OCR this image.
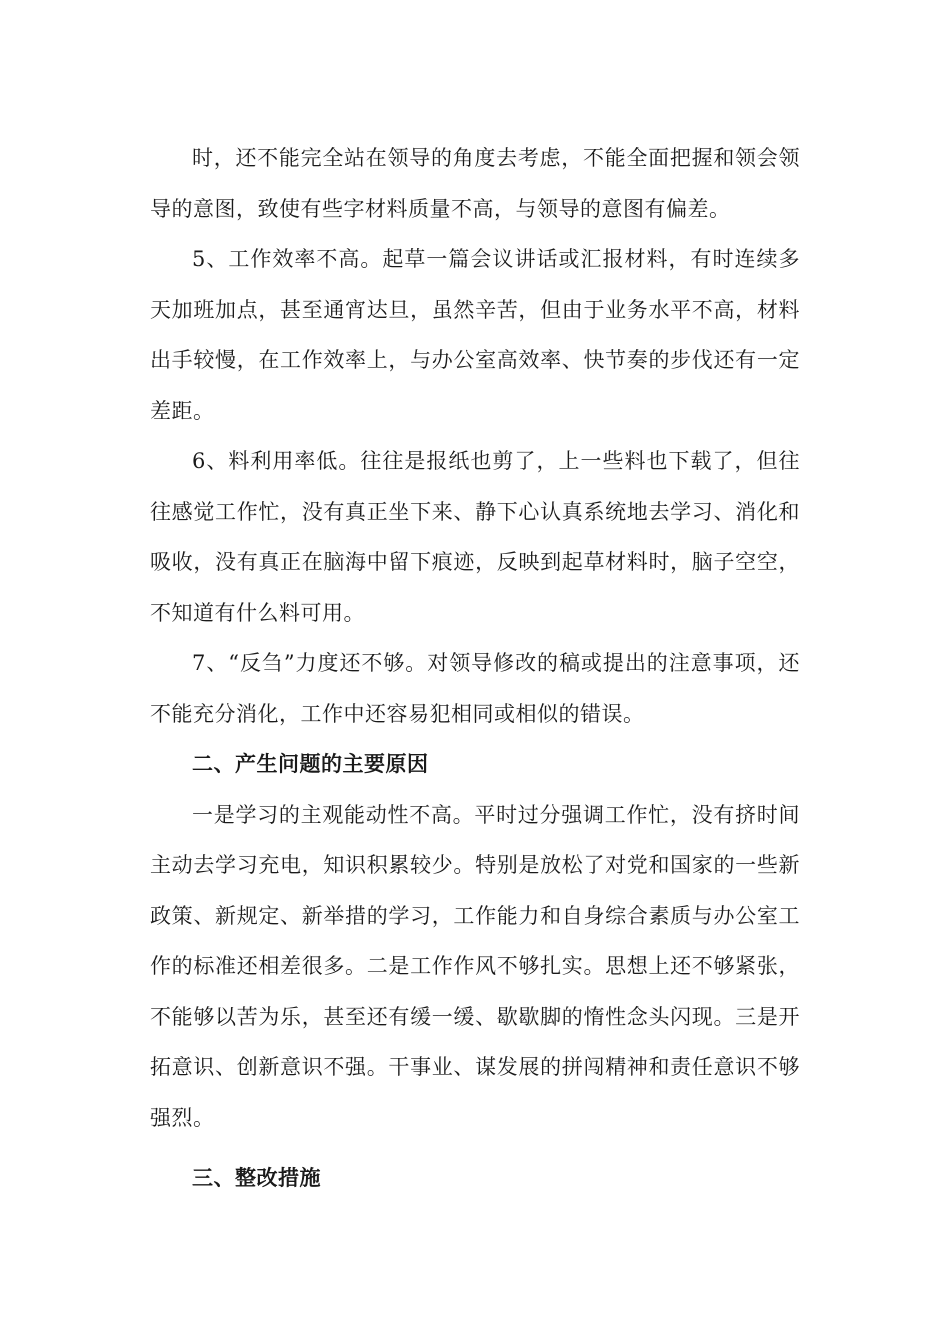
时，还不能完全站在领导的角度去考虑，不能全面把握和领会领导的意图，致使有些字材料质量不高，与领导的意图有偏差。

5、工作效率不高。起草一篇会议讲话或汇报材料，有时连续多天加班加点，甚至通宵达旦，虽然辛苦，但由于业务水平不高，材料出手较慢，在工作效率上，与办公室高效率、快节奏的步伐还有一定差距。

6、料利用率低。往往是报纸也剪了，上一些料也下载了，但往往感觉工作忙，没有真正坐下来、静下心认真系统地去学习、消化和吸收，没有真正在脑海中留下痕迹，反映到起草材料时，脑子空空，不知道有什么料可用。

7、“反刍”力度还不够。对领导修改的稿或提出的注意事项，还不能充分消化，工作中还容易犯相同或相似的错误。

二、产生问题的主要原因

一是学习的主观能动性不高。平时过分强调工作忙，没有挤时间主动去学习充电，知识积累较少。特别是放松了对党和国家的一些新政策、新规定、新举措的学习，工作能力和自身综合素质与办公室工作的标准还相差很多。二是工作作风不够扎实。思想上还不够紧张，不能够以苦为乐，甚至还有缓一缓、歇歇脚的惰性念头闪现。三是开拓意识、创新意识不强。干事业、谋发展的拼闯精神和责任意识不够强烈。

三、整改措施
